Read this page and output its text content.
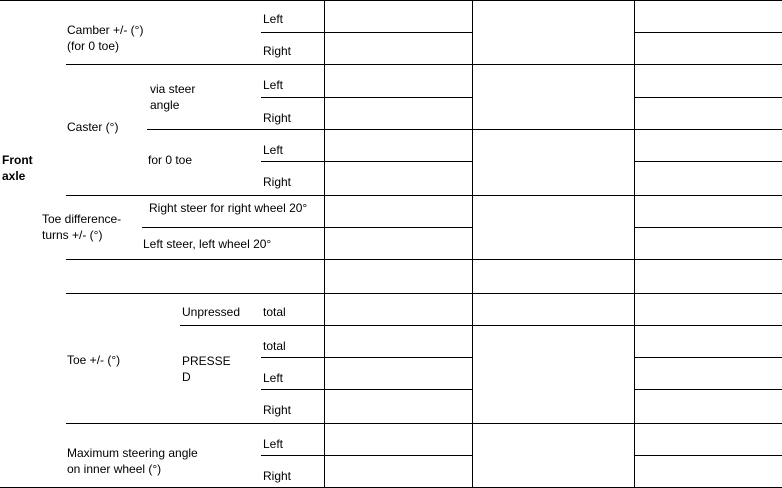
Front
axle
Camber +/- (°)
(for 0 toe)
Left
Right
Caster (°)
via steer
angle
Left
Right
for 0 toe
Left
Right
Toe difference-
turns +/- (°)
Right steer for right wheel 20°
Left steer, left wheel 20°
Toe +/- (°)
Unpressed total
PRESSE
D
total
Left
Right
Maximum steering angle
on inner wheel (°)
Left
Right
